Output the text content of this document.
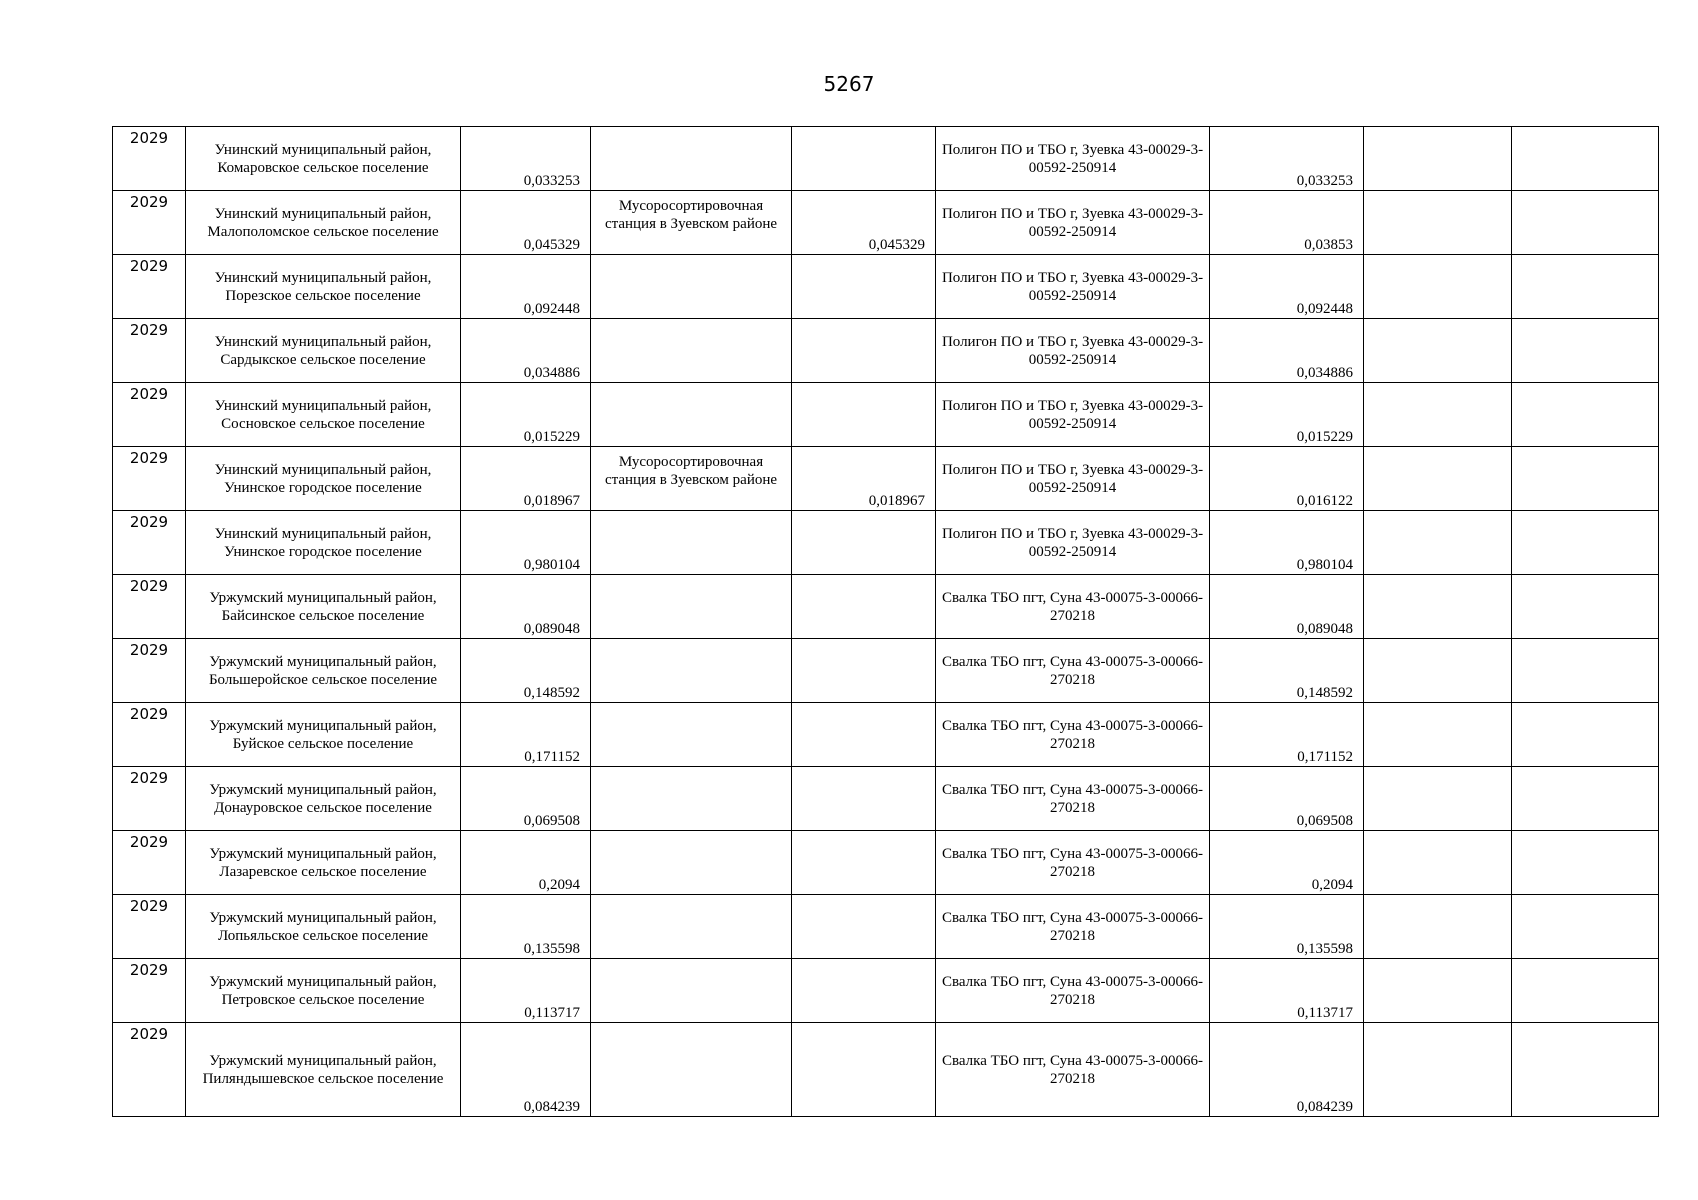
5267
2029	Унинский муниципальный район, Комаровское сельское поселение	0,033253			Полигон ПО и ТБО г, Зуевка 43-00029-3-00592-250914	0,033253		

2029	Унинский муниципальный район, Малополомское сельское поселение	0,045329	Мусоросортировочная станция в Зуевском районе	0,045329	Полигон ПО и ТБО г, Зуевка 43-00029-3-00592-250914	0,03853		

2029	Унинский муниципальный район, Порезское сельское поселение	0,092448			Полигон ПО и ТБО г, Зуевка 43-00029-3-00592-250914	0,092448		

2029	Унинский муниципальный район, Сардыкское сельское поселение	0,034886			Полигон ПО и ТБО г, Зуевка 43-00029-3-00592-250914	0,034886		

2029	Унинский муниципальный район, Сосновское сельское поселение	0,015229			Полигон ПО и ТБО г, Зуевка 43-00029-3-00592-250914	0,015229		

2029	Унинский муниципальный район, Унинское городское поселение	0,018967	Мусоросортировочная станция в Зуевском районе	0,018967	Полигон ПО и ТБО г, Зуевка 43-00029-3-00592-250914	0,016122		

2029	Унинский муниципальный район, Унинское городское поселение	0,980104			Полигон ПО и ТБО г, Зуевка 43-00029-3-00592-250914	0,980104		

2029	Уржумский муниципальный район, Байсинское сельское поселение	0,089048			Свалка ТБО пгт, Суна 43-00075-3-00066-270218	0,089048		

2029	Уржумский муниципальный район, Большеройское сельское поселение	0,148592			Свалка ТБО пгт, Суна 43-00075-3-00066-270218	0,148592		

2029	Уржумский муниципальный район, Буйское сельское поселение	0,171152			Свалка ТБО пгт, Суна 43-00075-3-00066-270218	0,171152		

2029	Уржумский муниципальный район, Донауровское сельское поселение	0,069508			Свалка ТБО пгт, Суна 43-00075-3-00066-270218	0,069508		

2029	Уржумский муниципальный район, Лазаревское сельское поселение	0,2094			Свалка ТБО пгт, Суна 43-00075-3-00066-270218	0,2094		

2029	Уржумский муниципальный район, Лопьяльское сельское поселение	0,135598			Свалка ТБО пгт, Суна 43-00075-3-00066-270218	0,135598		

2029	Уржумский муниципальный район, Петровское сельское поселение	0,113717			Свалка ТБО пгт, Суна 43-00075-3-00066-270218	0,113717		

2029	Уржумский муниципальный район, Пиляндышевское сельское поселение	0,084239			Свалка ТБО пгт, Суна 43-00075-3-00066-270218	0,084239		
